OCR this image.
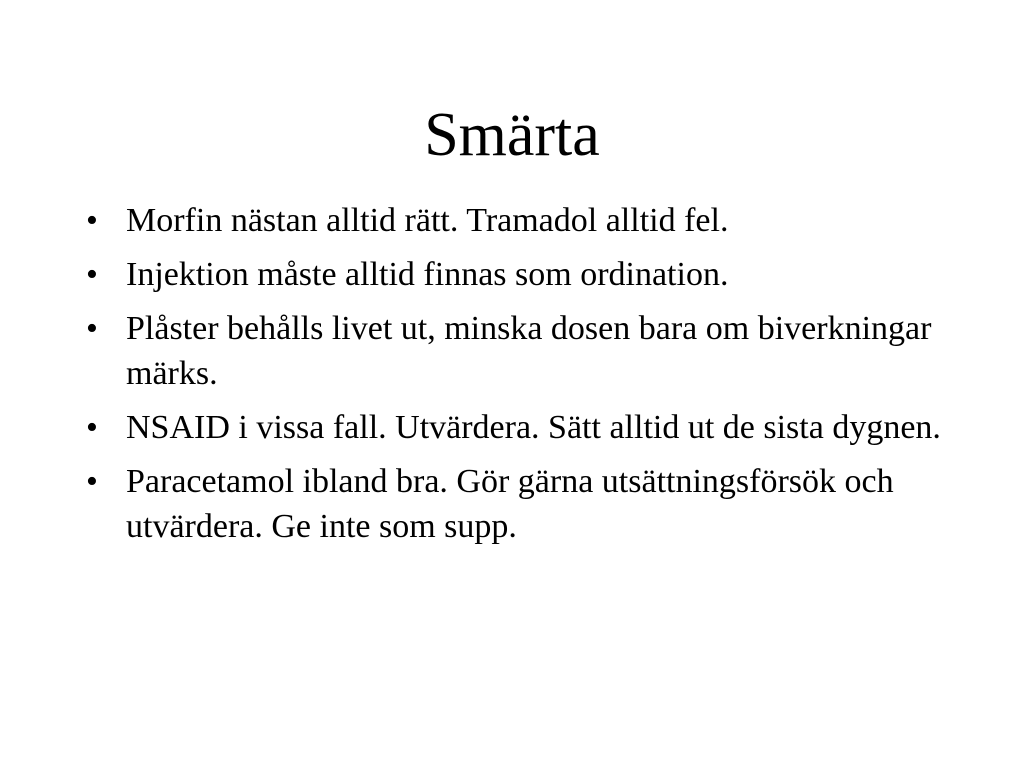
Smärta
• Morfin nästan alltid rätt. Tramadol alltid fel.
• Injektion måste alltid finnas som ordination.
• Plåster behålls livet ut, minska dosen bara om biverkningar märks.
• NSAID i vissa fall. Utvärdera. Sätt alltid ut de sista dygnen.
• Paracetamol ibland bra. Gör gärna utsättningsförsök och utvärdera. Ge inte som supp.
